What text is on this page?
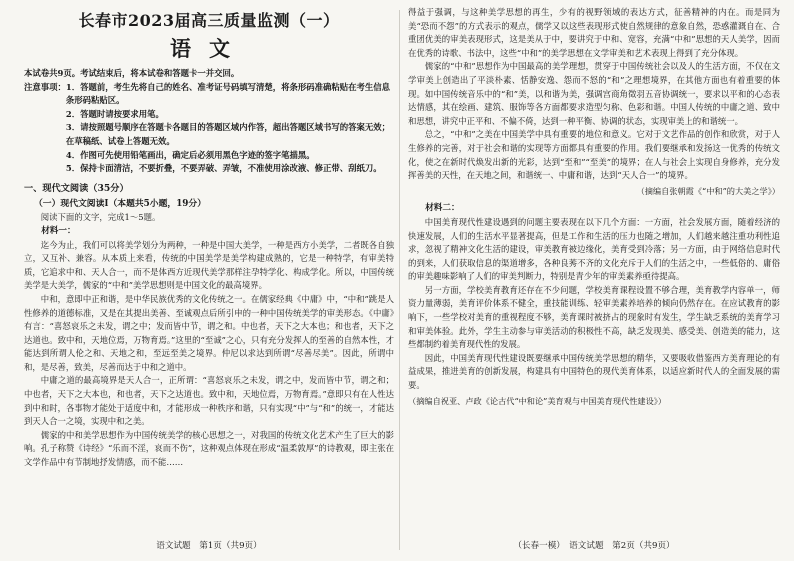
长春市2023届高三质量监测（一）
语文

本试卷共9页。考试结束后，将本试卷和答题卡一并交回。

注意事项： 1．答题前，考生先将自己的姓名、准考证号码填写清楚，将条形码准确粘贴在考生信息条形码粘贴区。

2．答题时请按要求用笔。

3．请按照题号顺序在答题卡各题目的答题区域内作答，超出答题区域书写的答案无效；在草稿纸、试卷上答题无效。

4．作图可先使用铅笔画出，确定后必须用黑色字迹的签字笔描黑。

5．保持卡面清洁，不要折叠，不要弄破、弄皱，不准使用涂改液、修正带、刮纸刀。

一、现代文阅读（35分）
（一）现代文阅读Ⅰ（本题共5小题，19分）

阅读下面的文字，完成1～5题。

材料一：

迄今为止，我们可以将美学划分为两种，一种是中国大美学，一种是西方小美学，二者既各自独立，又互补、兼容。从本质上来看，传统的中国美学是美学构建成熟的，它是一种特学，有审美特质，它追求中和、天人合一，而不是体西方近现代美学那样注孕特学化、构成学化。所以，中国传统美学是大美学，儒家的“中和”美学思想则是中国文化的最高境界。

中和，意即中正和谐，是中华民族优秀的文化传统之一。在儒家经典《中庸》中，“中和”跳是人性修养的道德标准，又是在其提出美善、至诚观点后所引申的一种中国传统美学的审美形态。《中庸》有言：“喜怒哀乐之未发，谓之中；发而皆中节，谓之和。中也者，天下之大本也；和也者，天下之达道也。致中和，天地位焉，万物育焉。”这里的“至诚”之心，只有充分发挥人的至善的自然本性，才能达到所谓人伦之和、天地之和，至远至美之境界。仲尼以求达到所谓“尽善尽美”。因此，所谓中和，是尽善，致美，尽善而达于中和之道中。

中庸之道的最高境界是天人合一，正所谓：“喜怒哀乐之未发，谓之中，发而皆中节，谓之和；中也者，天下之大本也，和也者，天下之达道也。致中和，天地位焉，万物育焉。”意即只有在人性达到中和时，各事物才能处于适度中和，才能形成一种秩序和谐，只有实现“中”与“和”的统一，才能达到天人合一之境，实现中和之美。

儒家的中和美学思想作为中国传统美学的核心思想之一，对我国的传统文化艺术产生了巨大的影响。孔子称赞《诗经》“乐而不淫，哀而不伤”，这种观点体现在形成“温柔敦厚”的诗教观，即主张在文学作品中有节制地抒发情感，而不能……

语文试题　第1页（共9页）

得益于强调，与这种美学思想的再生，少有的视野领域的表达方式，征善精神的内在。而是同为美“恐而不怨”的方式表示的观点，儒学又以这些表现形式使自然规律的意象自然，恐惑灌溉自在、合重团优美的审美表现形式，这是美从于中，要讲究于中和、宽容，充满“中和”思想的天人美学，因而在优秀的诗歌、书法中，这些“中和”的美学思想在文学审美和艺术表现上得到了充分体现。

儒家的“中和”思想作为中国最高的美学理想，贯穿于中国传统社会以及人的生活方面，不仅在文学审美上创造出了平淡朴素、恬静安逸、怨而不怒的“和”之理想境界，在其他方面也有着重要的体现。如中国传统音乐中的“和”美，以和谐为美，强调宫商角徵羽五音协调统一，要求以平和的心态表达情感，其在绘画、建筑、服饰等各方面都要求造型匀称、色彩和谐。中国人传统的中庸之道、致中和思想，讲究中正平和、不偏不倚，达到一种平衡、协调的状态，实现审美上的和谐统一。

总之，“中和”之美在中国美学中具有重要的地位和意义。它对于文艺作品的创作和欣赏，对于人生修养的完善，对于社会和谐的实现等方面都具有重要的作用。我们要继承和发扬这一优秀的传统文化，使之在新时代焕发出新的光彩，达到“至和”“至美”的境界；在人与社会上实现自身修养，充分发挥善美的天性，在天地之间，和谐统一、中庸和谐，达到“天人合一”的境界。

（摘编自张朝霞《“中和”的大美之学》）

材料二：

中国美育现代性建设遇到的问题主要表现在以下几个方面：一方面，社会发展方面，随着经济的快速发展，人们的生活水平显著提高，但是工作和生活的压力也随之增加，人们越来越注重功利性追求，忽视了精神文化生活的建设，审美教育被边缘化，美育受到冷落；另一方面，由于网络信息时代的到来，人们获取信息的渠道增多，各种良莠不齐的文化充斥于人们的生活之中，一些低俗的、庸俗的审美趣味影响了人们的审美判断力，特别是青少年的审美素养亟待提高。

另一方面，学校美育教育还存在不少问题，学校美育课程设置不够合理，美育教学内容单一，师资力量薄弱，美育评价体系不健全，重技能训练、轻审美素养培养的倾向仍然存在。在应试教育的影响下，一些学校对美育的重视程度不够，美育课时被挤占的现象时有发生，学生缺乏系统的美育学习和审美体验。此外，学生主动参与审美活动的积极性不高，缺乏发现美、感受美、创造美的能力，这些都制约着美育现代性的发展。

因此，中国美育现代性建设既要继承中国传统美学思想的精华，又要吸收借鉴西方美育理论的有益成果，推进美育的创新发展，构建具有中国特色的现代美育体系，以适应新时代人的全面发展的需要。

（摘编自祝亚、卢政《论古代“中和论”美育观与中国美育现代性建设》）

（长春一模）　语文试题　第2页（共9页）
